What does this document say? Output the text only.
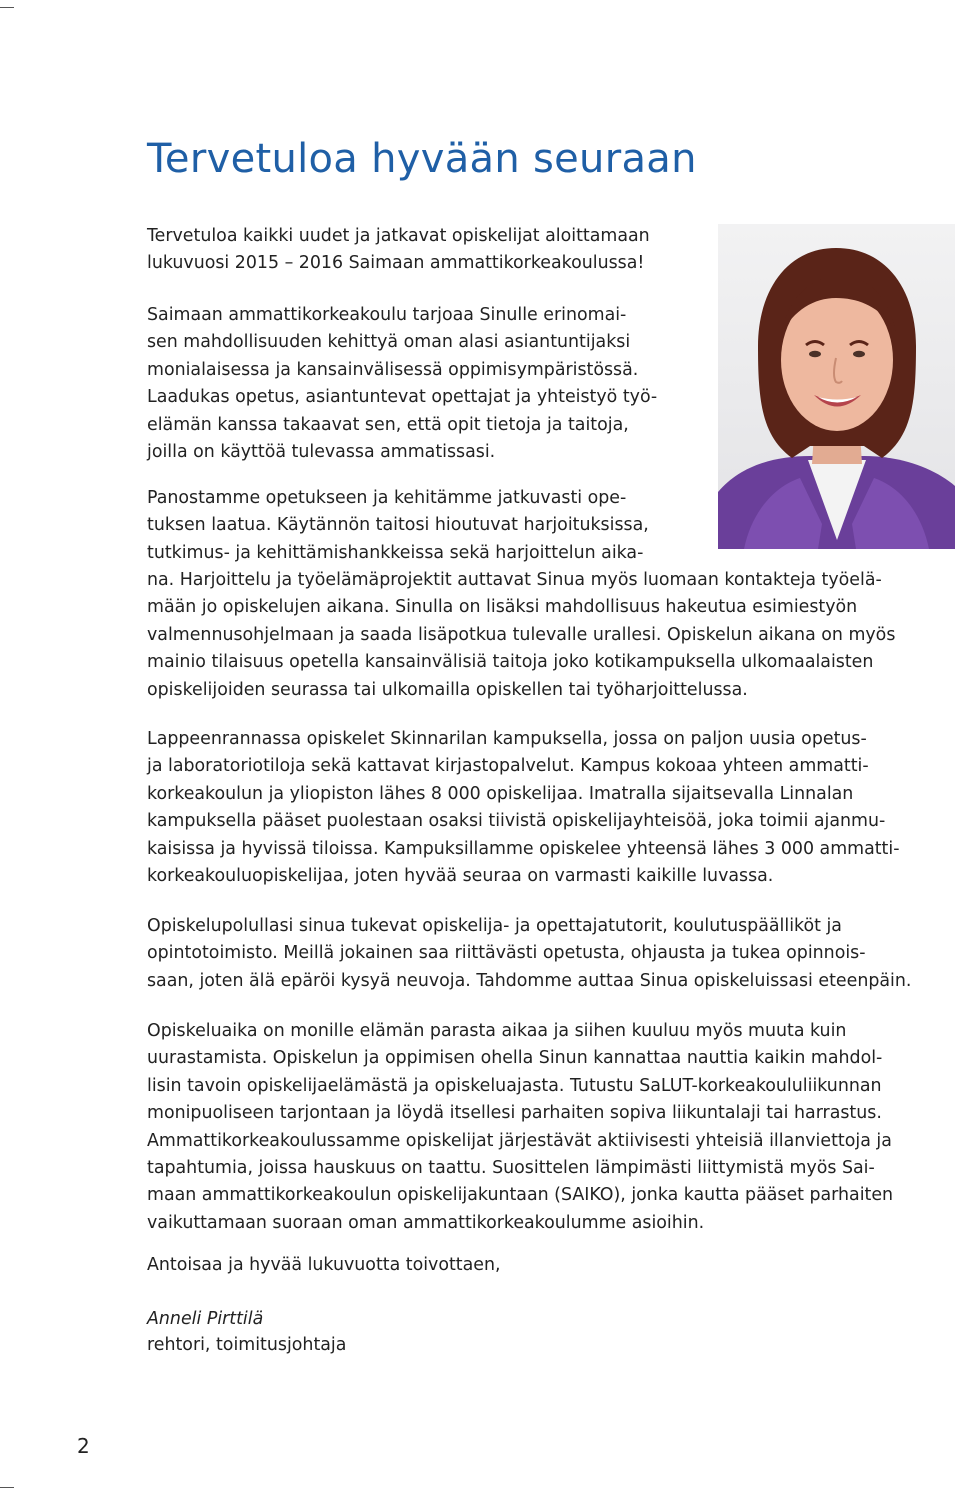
Tervetuloa hyvään seuraan

Tervetuloa kaikki uudet ja jatkavat opiskelijat aloittamaan
lukuvuosi 2015 – 2016 Saimaan ammattikorkeakoulussa!

Saimaan ammattikorkeakoulu tarjoaa Sinulle erinomai-
sen mahdollisuuden kehittyä oman alasi asiantuntijaksi
monialaisessa ja kansainvälisessä oppimisympäristössä.
Laadukas opetus, asiantuntevat opettajat ja yhteistyö työ-
elämän kanssa takaavat sen, että opit tietoja ja taitoja,
joilla on käyttöä tulevassa ammatissasi.

Panostamme opetukseen ja kehitämme jatkuvasti ope-
tuksen laatua. Käytännön taitosi hioutuvat harjoituksissa,
tutkimus- ja kehittämishankkeissa sekä harjoittelun aika-

na. Harjoittelu ja työelämäprojektit auttavat Sinua myös luomaan kontakteja työelä-
mään jo opiskelujen aikana. Sinulla on lisäksi mahdollisuus hakeutua esimiestyön
valmennusohjelmaan ja saada lisäpotkua tulevalle urallesi. Opiskelun aikana on myös
mainio tilaisuus opetella kansainvälisiä taitoja joko kotikampuksella ulkomaalaisten
opiskelijoiden seurassa tai ulkomailla opiskellen tai työharjoittelussa.

Lappeenrannassa opiskelet Skinnarilan kampuksella, jossa on paljon uusia opetus-
ja laboratoriotiloja sekä kattavat kirjastopalvelut. Kampus kokoaa yhteen ammatti-
korkeakoulun ja yliopiston lähes 8 000 opiskelijaa. Imatralla sijaitsevalla Linnalan
kampuksella pääset puolestaan osaksi tiivistä opiskelijayhteisöä, joka toimii ajanmu-
kaisissa ja hyvissä tiloissa. Kampuksillamme opiskelee yhteensä lähes 3 000 ammatti-
korkeakouluopiskelijaa, joten hyvää seuraa on varmasti kaikille luvassa.

Opiskelupolullasi sinua tukevat opiskelija- ja opettajatutorit, koulutuspäälliköt ja
opintotoimisto. Meillä jokainen saa riittävästi opetusta, ohjausta ja tukea opinnois-
saan, joten älä epäröi kysyä neuvoja. Tahdomme auttaa Sinua opiskeluissasi eteenpäin.

Opiskeluaika on monille elämän parasta aikaa ja siihen kuuluu myös muuta kuin
uurastamista. Opiskelun ja oppimisen ohella Sinun kannattaa nauttia kaikin mahdol-
lisin tavoin opiskelijaelämästä ja opiskeluajasta. Tutustu SaLUT-korkeakoululiikunnan
monipuoliseen tarjontaan ja löydä itsellesi parhaiten sopiva liikuntalaji tai harrastus.
Ammattikorkeakoulussamme opiskelijat järjestävät aktiivisesti yhteisiä illanviettoja ja
tapahtumia, joissa hauskuus on taattu. Suosittelen lämpimästi liittymistä myös Sai-
maan ammattikorkeakoulun opiskelijakuntaan (SAIKO), jonka kautta pääset parhaiten
vaikuttamaan suoraan oman ammattikorkeakoulumme asioihin.

Antoisaa ja hyvää lukuvuotta toivottaen,

Anneli Pirttilä

rehtori, toimitusjohtaja

2
